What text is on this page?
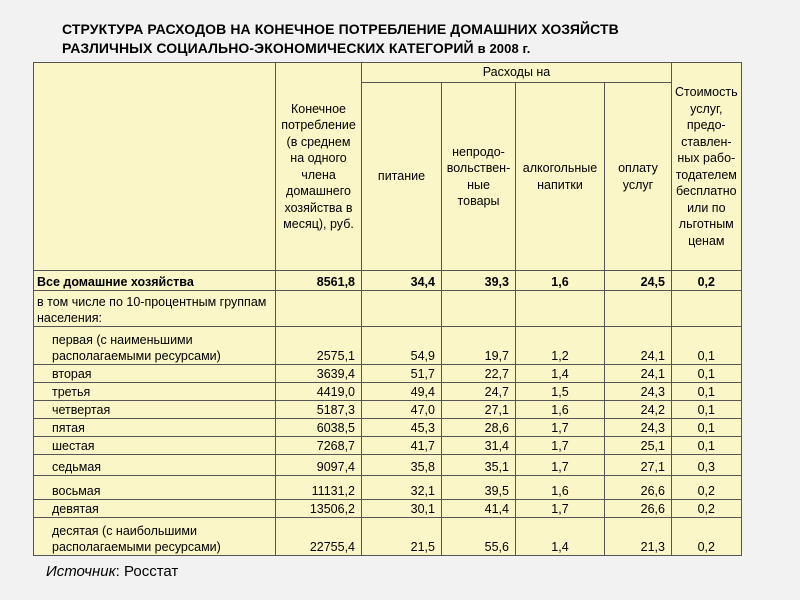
СТРУКТУРА РАСХОДОВ НА КОНЕЧНОЕ ПОТРЕБЛЕНИЕ ДОМАШНИХ ХОЗЯЙСТВ
РАЗЛИЧНЫХ СОЦИАЛЬНО-ЭКОНОМИЧЕСКИХ КАТЕГОРИЙ в 2008 г.
	Конечное потребление (в среднем на одного члена домашнего хозяйства в месяц), руб.	Расходы на				Стоимость услуг, предо-ставлен-ных рабо-тодателем бесплатно или по льготным ценам
		питание	непродо-вольствен-ные товары	алкогольные напитки	оплату услуг	
Все домашние хозяйства	8561,8	34,4	39,3	1,6	24,5	0,2
в том числе по 10-процентным группам населения:						
первая (с наименьшими располагаемыми ресурсами)	2575,1	54,9	19,7	1,2	24,1	0,1
вторая	3639,4	51,7	22,7	1,4	24,1	0,1
третья	4419,0	49,4	24,7	1,5	24,3	0,1
четвертая	5187,3	47,0	27,1	1,6	24,2	0,1
пятая	6038,5	45,3	28,6	1,7	24,3	0,1
шестая	7268,7	41,7	31,4	1,7	25,1	0,1
седьмая	9097,4	35,8	35,1	1,7	27,1	0,3
восьмая	11131,2	32,1	39,5	1,6	26,6	0,2
девятая	13506,2	30,1	41,4	1,7	26,6	0,2
десятая (с наибольшими располагаемыми ресурсами)	22755,4	21,5	55,6	1,4	21,3	0,2
Источник: Росстат
